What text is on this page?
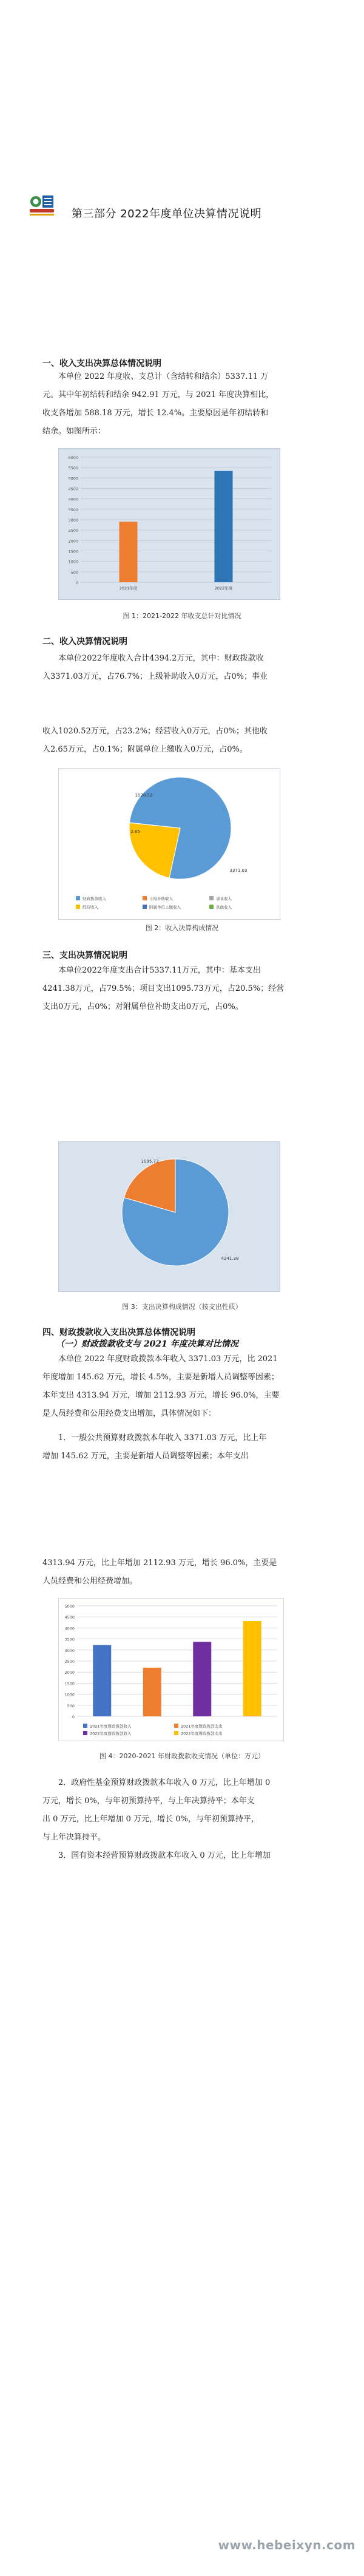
第三部分 2022年度单位决算情况说明
一、收入支出决算总体情况说明
本单位 2022 年度收、支总计（含结转和结余）5337.11 万
元。其中年初结转和结余 942.91 万元，与 2021 年度决算相比，
收支各增加 588.18 万元，增长 12.4%。主要原因是年初结转和
结余。如图所示：
0
500
1000
1500
2000
2500
3000
3500
4000
4500
5000
5500
6000
2021年度	2022年度
图 1：2021-2022 年收支总计对比情况
二、收入决算情况说明
本单位2022年度收入合计4394.2万元，其中：财政拨款收
入3371.03万元，占76.7%；上级补助收入0万元，占0%；事业
收入1020.52万元，占23.2%；经营收入0万元，占0%；其他收
入2.65万元，占0.1%；附属单位上缴收入0万元，占0%。
3371.03
1020.52
2.65
财政拨款收入	上级补助收入	事业收入
经营收入	附属单位上缴收入	其他收入
图 2：收入决算构成情况
三、支出决算情况说明
本单位2022年度支出合计5337.11万元，其中：基本支出
4241.38万元，占79.5%；项目支出1095.73万元，占20.5%；经营
支出0万元，占0%；对附属单位补助支出0万元，占0%。
1095.73
4241.38
图 3：支出决算构成情况（按支出性质）
四、财政拨款收入支出决算总体情况说明
（一）财政拨款收支与 2021 年度决算对比情况
本单位 2022 年度财政拨款本年收入 3371.03 万元，比 2021
年度增加 145.62 万元，增长 4.5%，主要是新增人员调整等因素；
本年支出 4313.94 万元，增加 2112.93 万元，增长 96.0%，主要
是人员经费和公用经费支出增加，具体情况如下：
1．一般公共预算财政拨款本年收入 3371.03 万元，比上年
增加 145.62 万元，主要是新增人员调整等因素；本年支出
4313.94 万元，比上年增加 2112.93 万元，增长 96.0%，主要是
人员经费和公用经费增加。
0
500
1000
1500
2000
2500
3000
3500
4000
4500
5000
2021年度财政拨款收入	2021年度财政拨款支出
2022年度财政拨款收入	2022年度财政拨款支出
图 4：2020-2021 年财政拨款收支情况（单位：万元）
2．政府性基金预算财政拨款本年收入 0 万元，比上年增加 0
万元，增长 0%，与年初预算持平，与上年决算持平；本年支
出 0 万元，比上年增加 0 万元，增长 0%，与年初预算持平，
与上年决算持平。
3．国有资本经营预算财政拨款本年收入 0 万元，比上年增加
www.hebeixyn.com
